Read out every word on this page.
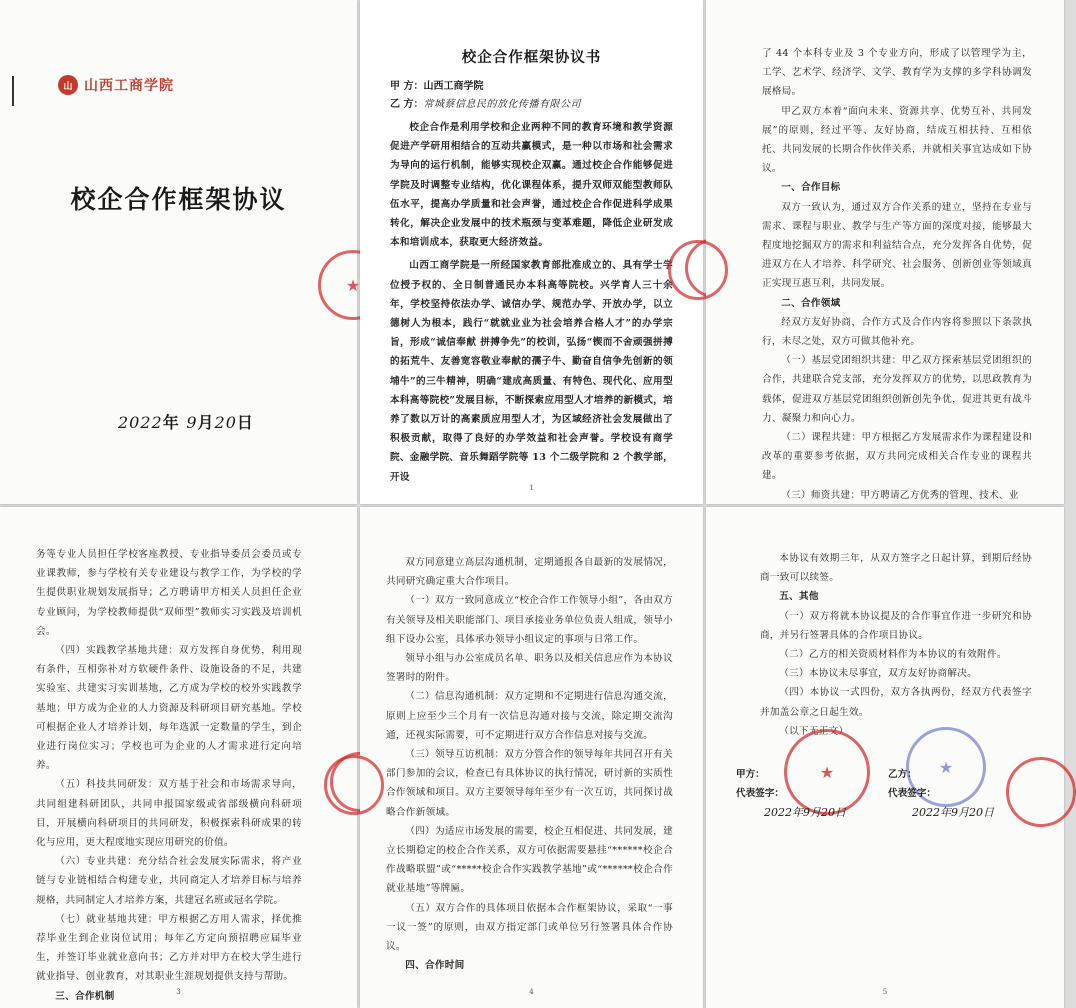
山 山西工商学院
校企合作框架协议
2022年 9月20日
★
校企合作框架协议书
甲 方：山西工商学院
乙 方：常城蔡信息民的放化传播有限公司

校企合作是利用学校和企业两种不同的教育环境和教学资源促进产学研用相结合的互动共赢模式，是一种以市场和社会需求为导向的运行机制，能够实现校企双赢。通过校企合作能够促进学院及时调整专业结构，优化课程体系，提升双师双能型教师队伍水平，提高办学质量和社会声誉，通过校企合作促进科学成果转化，解决企业发展中的技术瓶颈与变革难题，降低企业研发成本和培训成本，获取更大经济效益。

山西工商学院是一所经国家教育部批准成立的、具有学士学位授予权的、全日制普通民办本科高等院校。兴学育人三十余年，学校坚持依法办学、诚信办学、规范办学、开放办学，以立德树人为根本，践行“就就业业为社会培养合格人才”的办学宗旨，形成“诚信奉献 拼搏争先”的校训，弘扬“锲而不舍顽强拼搏的拓荒牛、友善宽容敬业奉献的孺子牛、勤奋自信争先创新的领埔牛”的三牛精神，明确“建成高质量、有特色、现代化、应用型本科高等院校”发展目标，不断探索应用型人才培养的新模式，培养了数以万计的高素质应用型人才，为区域经济社会发展做出了积极贡献，取得了良好的办学效益和社会声誉。学校设有商学院、金融学院、音乐舞蹈学院等 13 个二级学院和 2 个教学部，开设

1

了 44 个本科专业及 3 个专业方向，形成了以管理学为主，工学、艺术学、经济学、文学、教育学为支撑的多学科协调发展格局。

甲乙双方本着“面向未来、资源共享、优势互补、共同发展”的原则，经过平等、友好协商，结成互相扶持、互相依托、共同发展的长期合作伙伴关系，并就相关事宜达成如下协议。

一、合作目标

双方一致认为，通过双方合作关系的建立，坚持在专业与需求、课程与职业、教学与生产等方面的深度对接，能够最大程度地挖掘双方的需求和利益结合点，充分发挥各自优势，促进双方在人才培养、科学研究、社会服务、创新创业等领域真正实现互惠互利，共同发展。

二、合作领域

经双方友好协商，合作方式及合作内容将参照以下条款执行，未尽之处，双方可做其他补充。

（一）基层党团组织共建：甲乙双方探索基层党团组织的合作，共建联合党支部，充分发挥双方的优势，以思政教育为载体，促进双方基层党团组织创新创先争优，促进其更有战斗力、凝聚力和向心力。

（二）课程共建：甲方根据乙方发展需求作为课程建设和改革的重要参考依据，双方共同完成相关合作专业的课程共建。

（三）师资共建：甲方聘请乙方优秀的管理、技术、业

务等专业人员担任学校客座教授、专业指导委员会委员或专业课教师，参与学校有关专业建设与教学工作，为学校的学生提供职业规划发展指导；乙方聘请甲方相关人员担任企业专业顾问，为学校教师提供“双师型”教师实习实践及培训机会。

（四）实践教学基地共建：双方发挥自身优势，利用现有条件，互相弥补对方软硬件条件、设施设备的不足，共建实验室、共建实习实训基地，乙方成为学校的校外实践教学基地；甲方成为企业的人力资源及科研项目研究基地。学校可根据企业人才培养计划，每年选派一定数量的学生，到企业进行岗位实习；学校也可为企业的人才需求进行定向培养。

（五）科技共同研发：双方基于社会和市场需求导向，共同组建科研团队，共同申报国家级或省部级横向科研项目，开展横向科研项目的共同研发，积极探索科研成果的转化与应用，更大程度地实现应用研究的价值。

（六）专业共建：充分结合社会发展实际需求，将产业链与专业链相结合构建专业，共同商定人才培养目标与培养规格，共同制定人才培养方案，共建冠名班或冠名学院。

（七）就业基地共建：甲方根据乙方用人需求，择优推荐毕业生到企业岗位试用；每年乙方定向预招聘应届毕业生，并签订毕业就业意向书；乙方并对甲方在校大学生进行就业指导、创业教育，对其职业生涯规划提供支持与帮助。

三、合作机制	3

双方同意建立高层沟通机制，定期通报各自最新的发展情况，共同研究确定重大合作项目。

（一）双方一致同意成立“校企合作工作领导小组”，各由双方有关领导及相关职能部门、项目承接业务单位负责人组成，领导小组下设办公室，具体承办领导小组议定的事项与日常工作。

领导小组与办公室成员名单、职务以及相关信息应作为本协议签署时的附件。

（二）信息沟通机制：双方定期和不定期进行信息沟通交流，原则上应至少三个月有一次信息沟通对接与交流，除定期交流沟通，还视实际需要，可不定期进行双方合作信息对接与交流。

（三）领导互访机制：双方分管合作的领导每年共同召开有关部门参加的会议，检查已有具体协议的执行情况，研讨新的实质性合作领域和项目。双方主要领导每年至少有一次互访，共同探讨战略合作新领域。

（四）为适应市场发展的需要，校企互相促进、共同发展，建立长期稳定的校企合作关系，双方可依据需要悬挂“******校企合作战略联盟”或“*****校企合作实践教学基地”或“******校企合作就业基地”等牌匾。

（五）双方合作的具体项目依据本合作框架协议，采取“一事一议一签”的原则，由双方指定部门或单位另行签署具体合作协议。

四、合作时间
4

本协议有效期三年，从双方签字之日起计算，到期后经协商一致可以续签。

五、其他

（一）双方将就本协议提及的合作事宜作进一步研究和协商，并另行签署具体的合作项目协议。

（二）乙方的相关资质材料作为本协议的有效附件。

（三）本协议未尽事宜，双方友好协商解决。

（四）本协议一式四份，双方各执两份，经双方代表签字并加盖公章之日起生效。

（以下无正文）

★	★
甲方：
代表签字：
2022年9月20日
乙方：
代表签字：
2022年9月20日
5
